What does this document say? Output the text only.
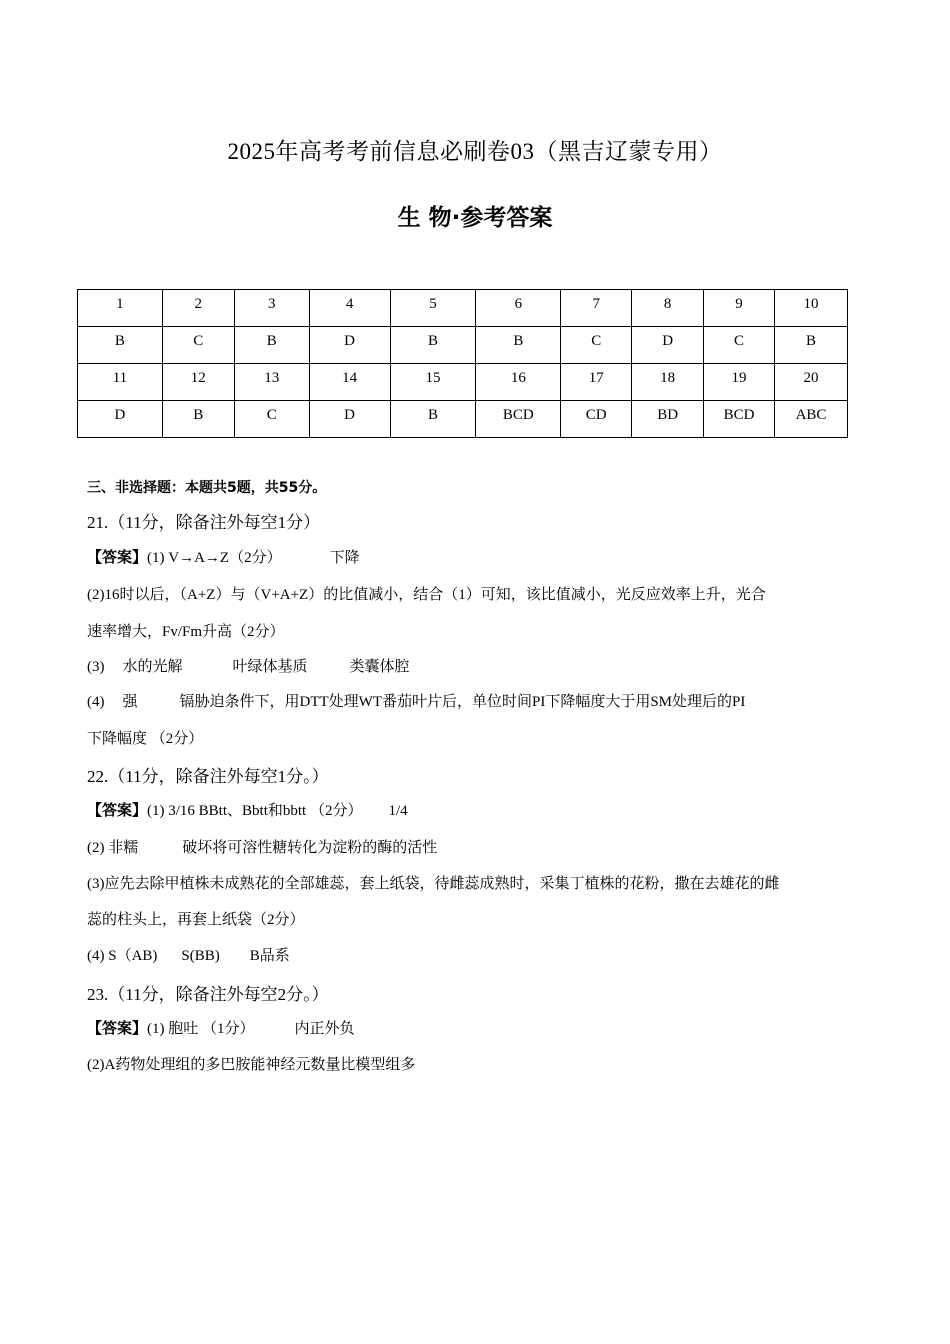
2025年高考考前信息必刷卷03（黑吉辽蒙专用）
生 物·参考答案
1	2	3	4	5	6	7	8	9	10
B	C	B	D	B	B	C	D	C	B
11	12	13	14	15	16	17	18	19	20
D	B	C	D	B	BCD	CD	BD	BCD	ABC
三、非选择题：本题共5题，共55分。
21.（11分，除备注外每空1分）
【答案】(1) V→A→Z（2分）	下降
(2)16时以后，（A+Z）与（V+A+Z）的比值减小，结合（1）可知，该比值减小，光反应效率上升，光合
速率增大，Fv/Fm升高（2分）
(3) 水的光解	叶绿体基质	类囊体腔
(4) 强	镉胁迫条件下，用DTT处理WT番茄叶片后，单位时间PI下降幅度大于用SM处理后的PI
下降幅度 （2分）
22.（11分，除备注外每空1分。）
【答案】(1) 3/16 BBtt、Bbtt和bbtt （2分） 1/4
(2) 非糯	破坏将可溶性糖转化为淀粉的酶的活性
(3)应先去除甲植株未成熟花的全部雄蕊，套上纸袋，待雌蕊成熟时，采集丁植株的花粉，撒在去雄花的雌
蕊的柱头上，再套上纸袋（2分）
(4) S（AB) S(BB) B品系
23.（11分，除备注外每空2分。）
【答案】(1) 胞吐 （1分）	内正外负
(2)A药物处理组的多巴胺能神经元数量比模型组多
